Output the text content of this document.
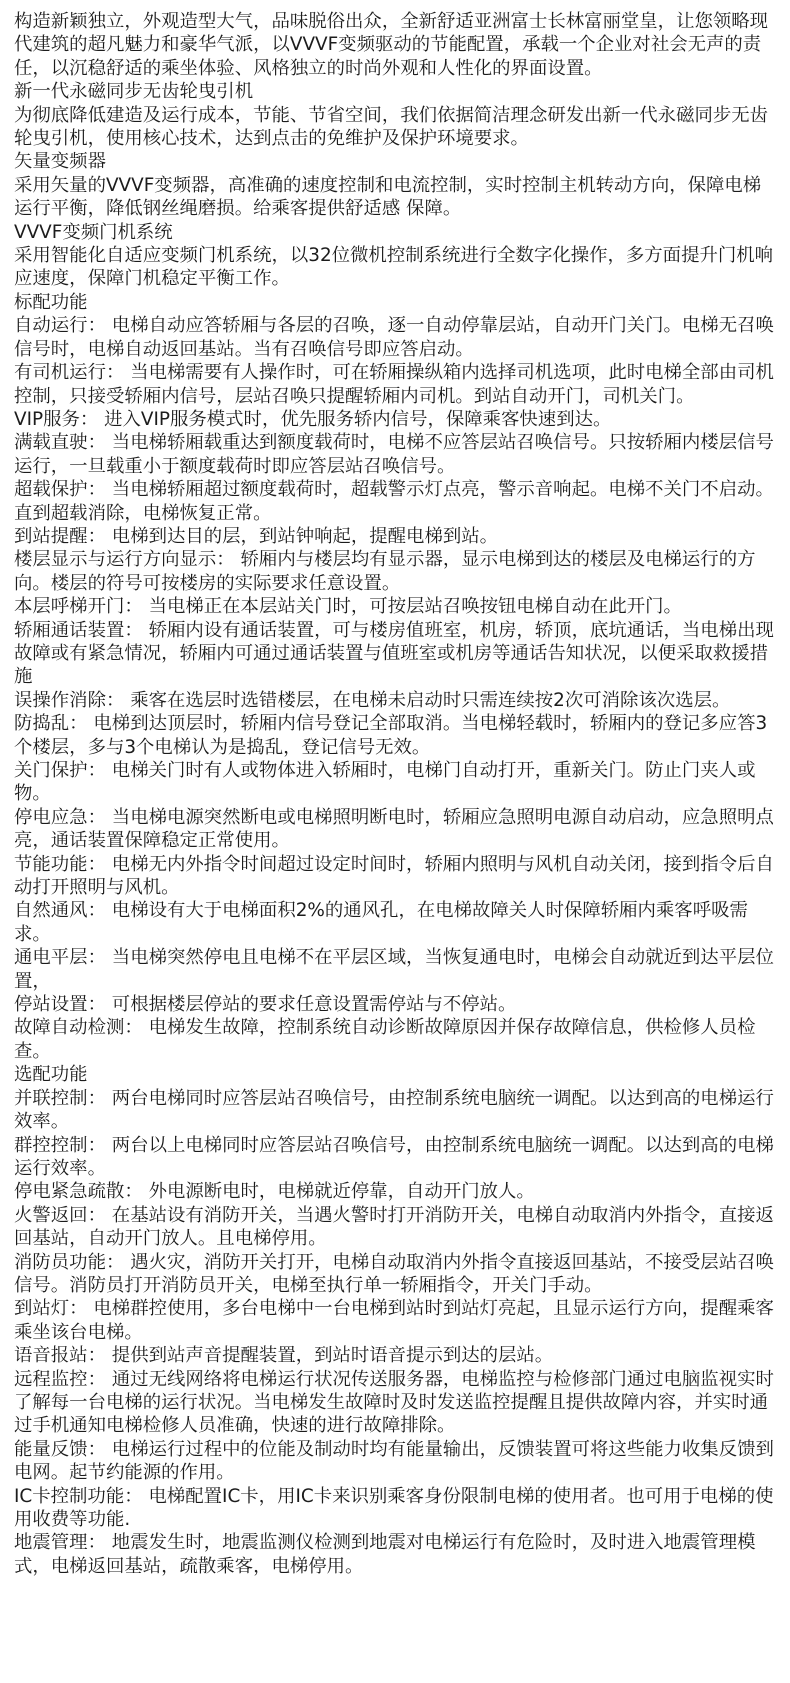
构造新颖独立，外观造型大气，品味脱俗出众，全新舒适亚洲富士长林富丽堂皇，让您领略现代建筑的超凡魅力和豪华气派，以VVVF变频驱动的节能配置，承载一个企业对社会无声的责任，以沉稳舒适的乘坐体验、风格独立的时尚外观和人性化的界面设置。

新一代永磁同步无齿轮曳引机

为彻底降低建造及运行成本，节能、节省空间，我们依据简洁理念研发出新一代永磁同步无齿轮曳引机，使用核心技术，达到点击的免维护及保护环境要求。

矢量变频器

采用矢量的VVVF变频器，高准确的速度控制和电流控制，实时控制主机转动方向，保障电梯运行平衡，降低钢丝绳磨损。给乘客提供舒适感 保障。

VVVF变频门机系统

采用智能化自适应变频门机系统，以32位微机控制系统进行全数字化操作，多方面提升门机响应速度，保障门机稳定平衡工作。

标配功能

自动运行： 电梯自动应答轿厢与各层的召唤，逐一自动停靠层站，自动开门关门。电梯无召唤信号时，电梯自动返回基站。当有召唤信号即应答启动。

有司机运行： 当电梯需要有人操作时，可在轿厢操纵箱内选择司机选项，此时电梯全部由司机控制，只接受轿厢内信号，层站召唤只提醒轿厢内司机。到站自动开门，司机关门。

VIP服务： 进入VIP服务模式时，优先服务轿内信号，保障乘客快速到达。

满载直驶： 当电梯轿厢载重达到额度载荷时，电梯不应答层站召唤信号。只按轿厢内楼层信号运行，一旦载重小于额度载荷时即应答层站召唤信号。

超载保护： 当电梯轿厢超过额度载荷时，超载警示灯点亮，警示音响起。电梯不关门不启动。直到超载消除，电梯恢复正常。

到站提醒： 电梯到达目的层，到站钟响起，提醒电梯到站。

楼层显示与运行方向显示： 轿厢内与楼层均有显示器，显示电梯到达的楼层及电梯运行的方向。楼层的符号可按楼房的实际要求任意设置。

本层呼梯开门： 当电梯正在本层站关门时，可按层站召唤按钮电梯自动在此开门。

轿厢通话装置： 轿厢内设有通话装置，可与楼房值班室，机房，轿顶，底坑通话，当电梯出现故障或有紧急情况，轿厢内可通过通话装置与值班室或机房等通话告知状况，以便采取救援措施

误操作消除： 乘客在选层时选错楼层，在电梯未启动时只需连续按2次可消除该次选层。

防捣乱： 电梯到达顶层时，轿厢内信号登记全部取消。当电梯轻载时，轿厢内的登记多应答3个楼层，多与3个电梯认为是捣乱，登记信号无效。

关门保护： 电梯关门时有人或物体进入轿厢时，电梯门自动打开，重新关门。防止门夹人或物。

停电应急： 当电梯电源突然断电或电梯照明断电时，轿厢应急照明电源自动启动，应急照明点亮，通话装置保障稳定正常使用。

节能功能： 电梯无内外指令时间超过设定时间时，轿厢内照明与风机自动关闭，接到指令后自动打开照明与风机。

自然通风： 电梯设有大于电梯面积2%的通风孔，在电梯故障关人时保障轿厢内乘客呼吸需求。

通电平层： 当电梯突然停电且电梯不在平层区域，当恢复通电时，电梯会自动就近到达平层位置，

停站设置： 可根据楼层停站的要求任意设置需停站与不停站。

故障自动检测： 电梯发生故障，控制系统自动诊断故障原因并保存故障信息，供检修人员检查。

选配功能

并联控制： 两台电梯同时应答层站召唤信号，由控制系统电脑统一调配。以达到高的电梯运行效率。

群控控制： 两台以上电梯同时应答层站召唤信号，由控制系统电脑统一调配。以达到高的电梯运行效率。

停电紧急疏散： 外电源断电时，电梯就近停靠，自动开门放人。

火警返回： 在基站设有消防开关，当遇火警时打开消防开关，电梯自动取消内外指令，直接返回基站，自动开门放人。且电梯停用。

消防员功能： 遇火灾，消防开关打开，电梯自动取消内外指令直接返回基站，不接受层站召唤信号。消防员打开消防员开关，电梯至执行单一轿厢指令，开关门手动。

到站灯： 电梯群控使用，多台电梯中一台电梯到站时到站灯亮起，且显示运行方向，提醒乘客乘坐该台电梯。

语音报站： 提供到站声音提醒装置，到站时语音提示到达的层站。

远程监控： 通过无线网络将电梯运行状况传送服务器，电梯监控与检修部门通过电脑监视实时了解每一台电梯的运行状况。当电梯发生故障时及时发送监控提醒且提供故障内容，并实时通过手机通知电梯检修人员准确，快速的进行故障排除。

能量反馈： 电梯运行过程中的位能及制动时均有能量输出，反馈装置可将这些能力收集反馈到电网。起节约能源的作用。

IC卡控制功能： 电梯配置IC卡，用IC卡来识别乘客身份限制电梯的使用者。也可用于电梯的使用收费等功能.

地震管理： 地震发生时，地震监测仪检测到地震对电梯运行有危险时，及时进入地震管理模式，电梯返回基站，疏散乘客，电梯停用。
